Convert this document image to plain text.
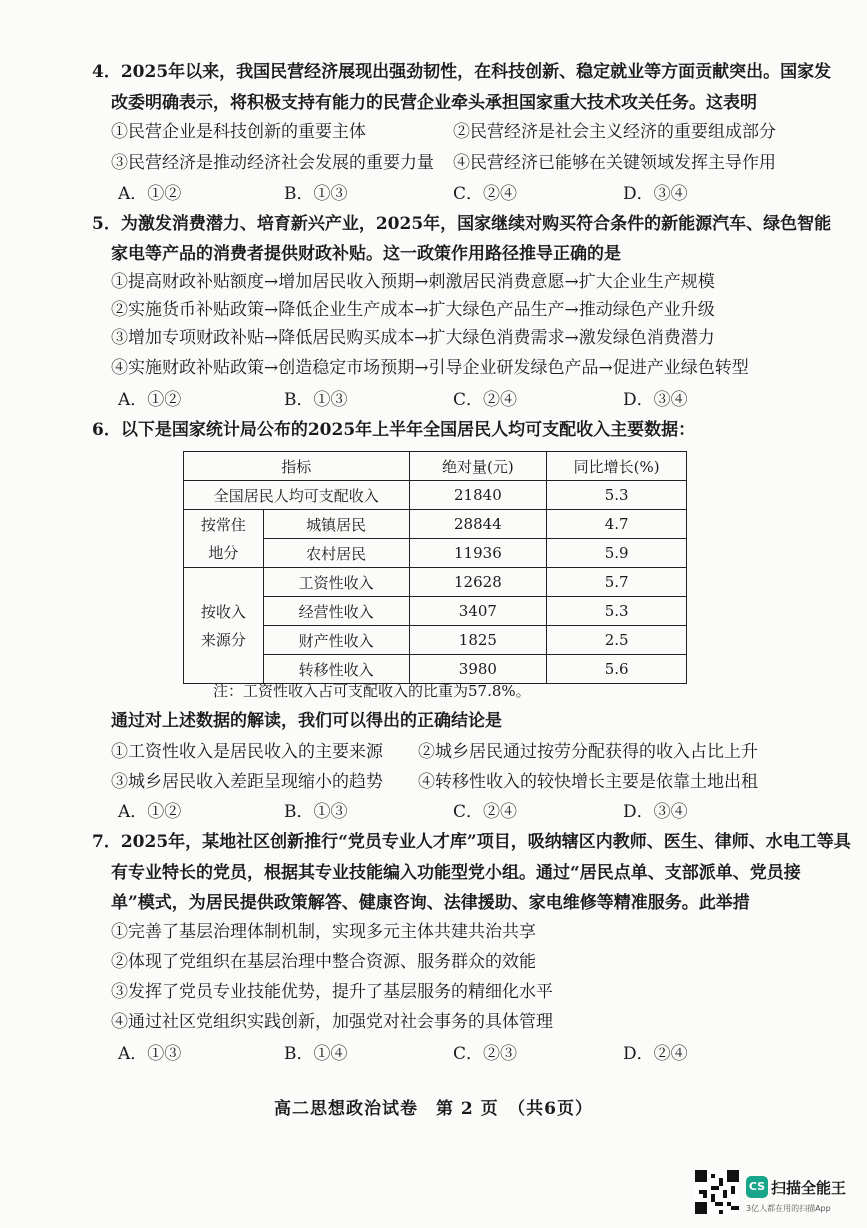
4．2025年以来，我国民营经济展现出强劲韧性，在科技创新、稳定就业等方面贡献突出。国家发
改委明确表示，将积极支持有能力的民营企业牵头承担国家重大技术攻关任务。这表明
①民营企业是科技创新的重要主体	②民营经济是社会主义经济的重要组成部分
③民营经济是推动经济社会发展的重要力量 ④民营经济已能够在关键领域发挥主导作用
A．①②	B．①③	C．②④	D．③④
5．为激发消费潜力、培育新兴产业，2025年，国家继续对购买符合条件的新能源汽车、绿色智能
家电等产品的消费者提供财政补贴。这一政策作用路径推导正确的是
①提高财政补贴额度→增加居民收入预期→刺激居民消费意愿→扩大企业生产规模
②实施货币补贴政策→降低企业生产成本→扩大绿色产品生产→推动绿色产业升级
③增加专项财政补贴→降低居民购买成本→扩大绿色消费需求→激发绿色消费潜力
④实施财政补贴政策→创造稳定市场预期→引导企业研发绿色产品→促进产业绿色转型
A．①②	B．①③	C．②④	D．③④
6．以下是国家统计局公布的2025年上半年全国居民人均可支配收入主要数据：
指标		绝对量(元)	同比增长(%)
全国居民人均可支配收入		21840	5.3

按常住
地分	城镇居民	28844	4.7
	农村居民	11936	5.9

按收入
来源分	工资性收入	12628	5.7
	经营性收入	3407	5.3
	财产性收入	1825	2.5
	转移性收入	3980	5.6
注：工资性收入占可支配收入的比重为57.8%。
通过对上述数据的解读，我们可以得出的正确结论是
①工资性收入是居民收入的主要来源 ②城乡居民通过按劳分配获得的收入占比上升
③城乡居民收入差距呈现缩小的趋势 ④转移性收入的较快增长主要是依靠土地出租
A．①②	B．①③	C．②④	D．③④
7．2025年，某地社区创新推行“党员专业人才库”项目，吸纳辖区内教师、医生、律师、水电工等具
有专业特长的党员，根据其专业技能编入功能型党小组。通过“居民点单、支部派单、党员接
单”模式，为居民提供政策解答、健康咨询、法律援助、家电维修等精准服务。此举措
①完善了基层治理体制机制，实现多元主体共建共治共享
②体现了党组织在基层治理中整合资源、服务群众的效能
③发挥了党员专业技能优势，提升了基层服务的精细化水平
④通过社区党组织实践创新，加强党对社会事务的具体管理
A．①③	B．①④	C．②③	D．②④
高二思想政治试卷　第 2 页　（共6页）
CS 扫描全能王
3亿人都在用的扫描App
